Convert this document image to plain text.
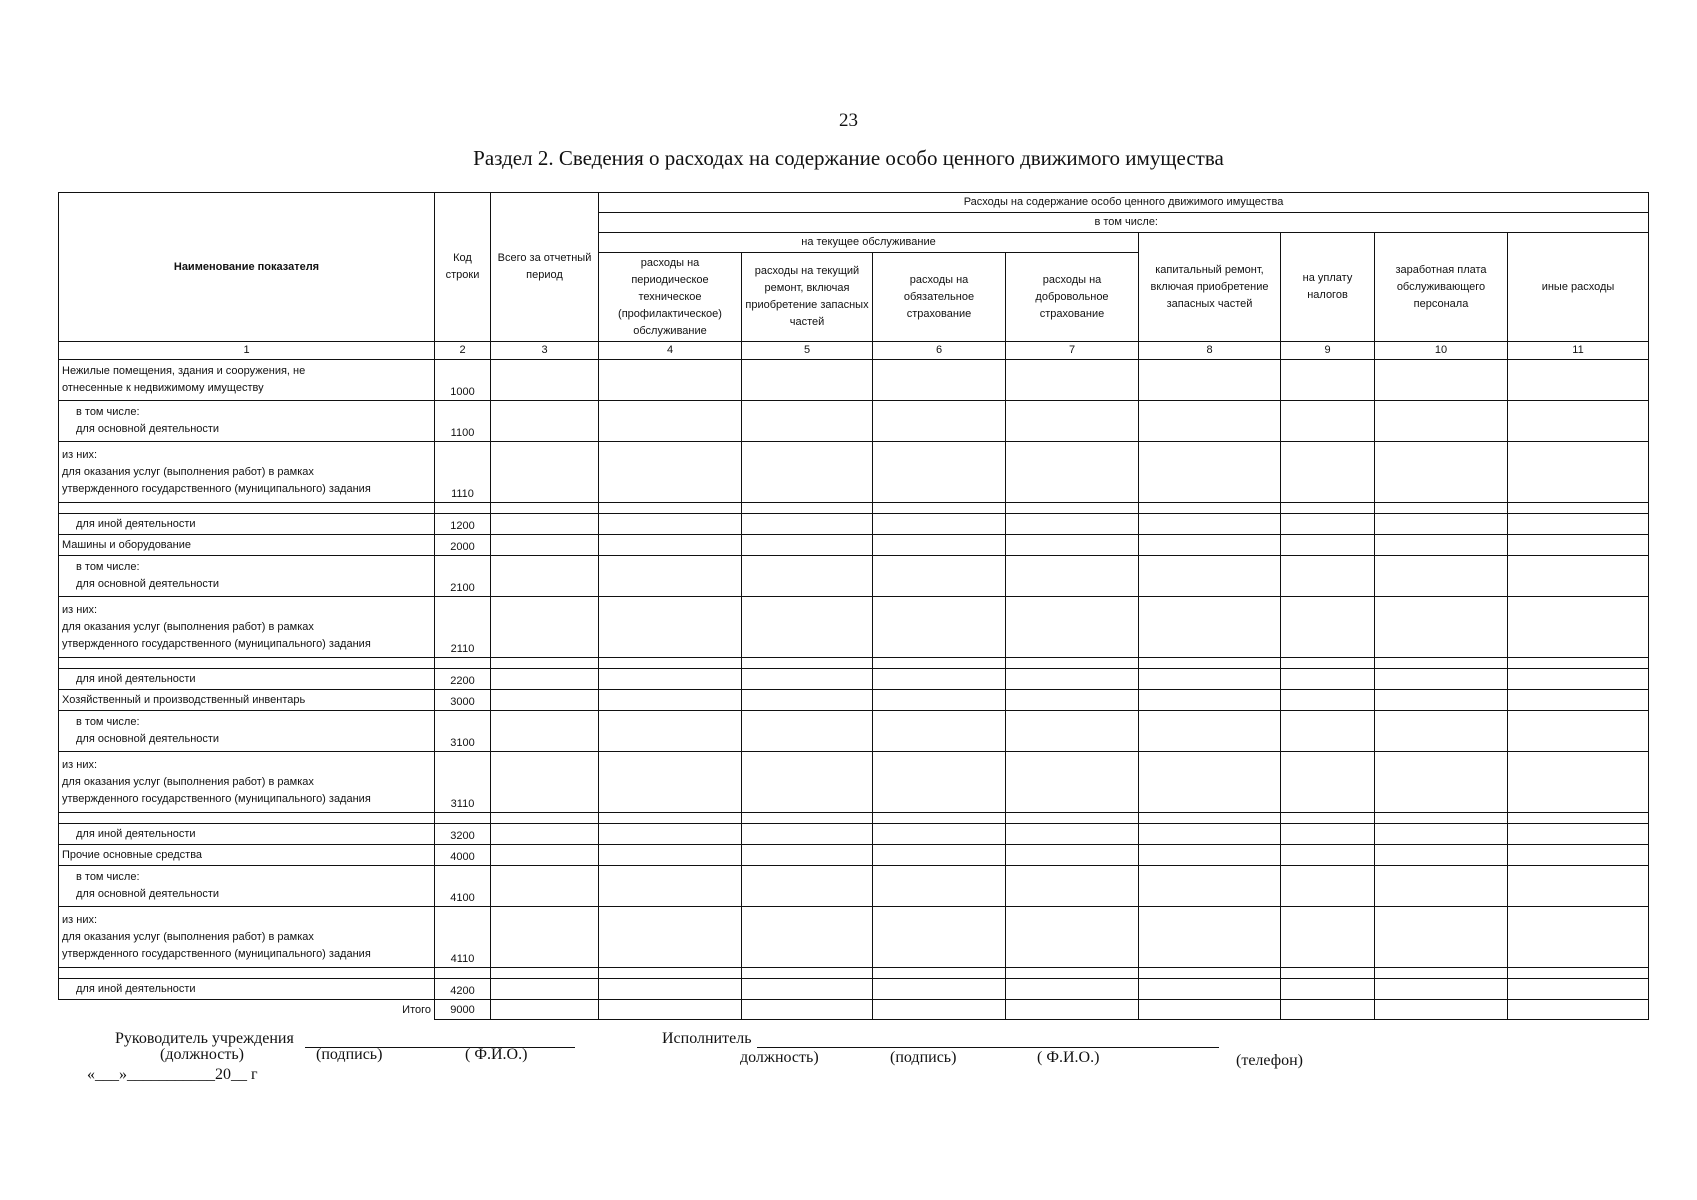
23
Раздел 2. Сведения о расходах на содержание особо ценного движимого имущества
Наименование показателя	Код строки	Всего за отчетный период	Расходы на содержание особо ценного движимого имущества							
			в том числе:							
			на текущее обслуживание				капитальный ремонт, включая приобретение запасных частей	на уплату налогов	заработная плата обслуживающего персонала	иные расходы
			расходы на периодическое техническое (профилактическое) обслуживание	расходы на текущий ремонт, включая приобретение запасных частей	расходы на обязательное страхование	расходы на добровольное страхование				
1	2	3	4	5	6	7	8	9	10	11

Нежилые помещения, здания и сооружения, не
отнесенные к недвижимому имуществу	1000									

в том числе:
для основной деятельности	1100									

из них:
для оказания услуг (выполнения работ) в рамках
утвержденного государственного (муниципального) задания	1110									

для иной деятельности	1200									

Машины и оборудование	2000									

в том числе:
для основной деятельности	2100									

из них:
для оказания услуг (выполнения работ) в рамках
утвержденного государственного (муниципального) задания	2110									

для иной деятельности	2200									

Хозяйственный и производственный инвентарь	3000									

в том числе:
для основной деятельности	3100									

из них:
для оказания услуг (выполнения работ) в рамках
утвержденного государственного (муниципального) задания	3110									

для иной деятельности	3200									

Прочие основные средства	4000									

в том числе:
для основной деятельности	4100									

из них:
для оказания услуг (выполнения работ) в рамках
утвержденного государственного (муниципального) задания	4110									

для иной деятельности	4200									
Итого	9000									
Руководитель учреждения
(должность)	(подпись)	( Ф.И.О.)
Исполнитель
должность)	(подпись)	( Ф.И.О.)	(телефон)
«___»___________20__ г
